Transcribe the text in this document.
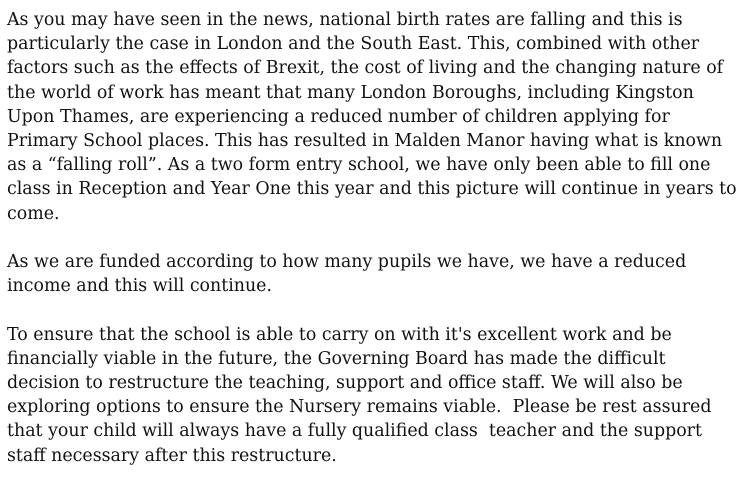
As you may have seen in the news, national birth rates are falling and this is
particularly the case in London and the South East. This, combined with other
factors such as the effects of Brexit, the cost of living and the changing nature of
the world of work has meant that many London Boroughs, including Kingston
Upon Thames, are experiencing a reduced number of children applying for
Primary School places. This has resulted in Malden Manor having what is known
as a “falling roll”. As a two form entry school, we have only been able to fill one
class in Reception and Year One this year and this picture will continue in years to
come.
As we are funded according to how many pupils we have, we have a reduced
income and this will continue.
To ensure that the school is able to carry on with it's excellent work and be
financially viable in the future, the Governing Board has made the difficult
decision to restructure the teaching, support and office staff. We will also be
exploring options to ensure the Nursery remains viable.  Please be rest assured
that your child will always have a fully qualified class  teacher and the support
staff necessary after this restructure.
